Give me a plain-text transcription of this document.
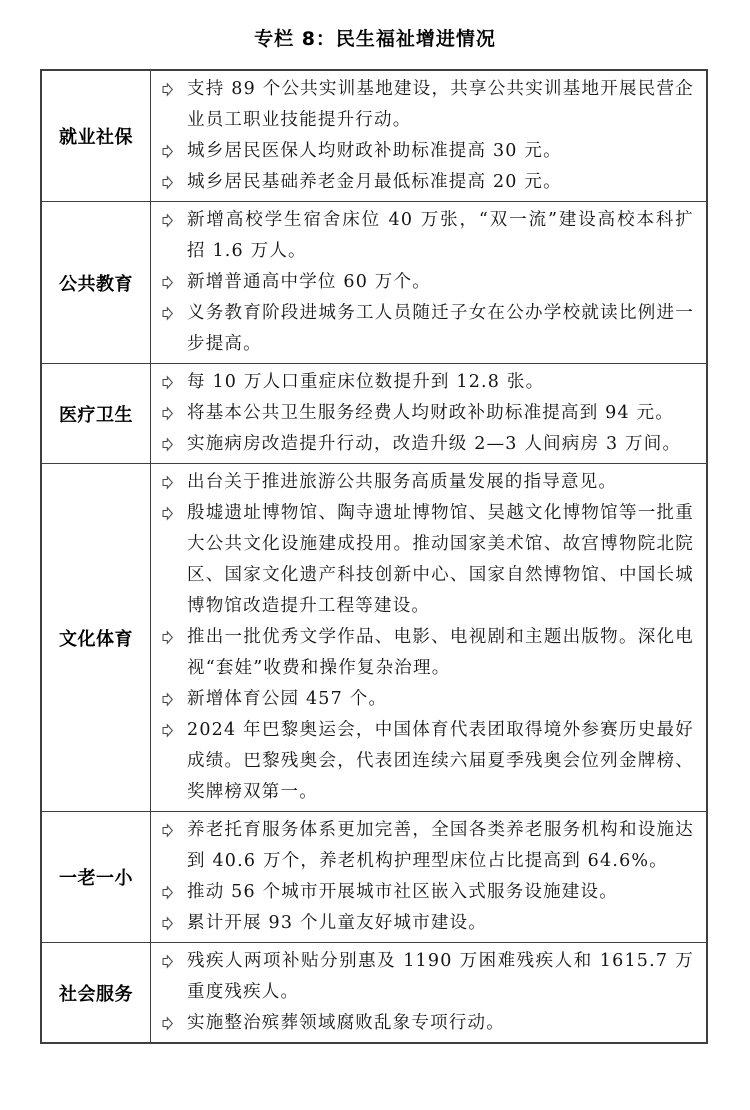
专栏 8：民生福祉增进情况
就业社保	支持 89 个公共实训基地建设，共享公共实训基地开展民营企业员工职业技能提升行动。
城乡居民医保人均财政补助标准提高 30 元。
城乡居民基础养老金月最低标准提高 20 元。

公共教育	新增高校学生宿舍床位 40 万张，“双一流”建设高校本科扩招 1.6 万人。
新增普通高中学位 60 万个。
义务教育阶段进城务工人员随迁子女在公办学校就读比例进一步提高。

医疗卫生	每 10 万人口重症床位数提升到 12.8 张。
将基本公共卫生服务经费人均财政补助标准提高到 94 元。
实施病房改造提升行动，改造升级 2—3 人间病房 3 万间。

文化体育	出台关于推进旅游公共服务高质量发展的指导意见。
殷墟遗址博物馆、陶寺遗址博物馆、吴越文化博物馆等一批重大公共文化设施建成投用。推动国家美术馆、故宫博物院北院区、国家文化遗产科技创新中心、国家自然博物馆、中国长城博物馆改造提升工程等建设。
推出一批优秀文学作品、电影、电视剧和主题出版物。深化电视“套娃”收费和操作复杂治理。
新增体育公园 457 个。
2024 年巴黎奥运会，中国体育代表团取得境外参赛历史最好成绩。巴黎残奥会，代表团连续六届夏季残奥会位列金牌榜、奖牌榜双第一。

一老一小	养老托育服务体系更加完善，全国各类养老服务机构和设施达到 40.6 万个，养老机构护理型床位占比提高到 64.6%。
推动 56 个城市开展城市社区嵌入式服务设施建设。
累计开展 93 个儿童友好城市建设。

社会服务	残疾人两项补贴分别惠及 1190 万困难残疾人和 1615.7 万重度残疾人。
实施整治殡葬领域腐败乱象专项行动。
